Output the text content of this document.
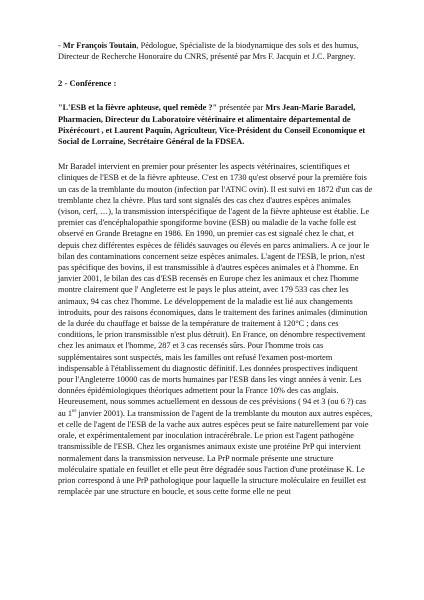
- Mr François Toutain, Pédologue, Spécialiste de la biodynamique des sols et des humus, Directeur de Recherche Honoraire du CNRS, présenté par Mrs F. Jacquin et J.C. Pargney.

2 - Conférence :

"L'ESB et la fièvre aphteuse, quel remède ?" présentée par Mrs Jean-Marie Baradel, Pharmacien, Directeur du Laboratoire vétérinaire et alimentaire départemental de Pixérécourt , et Laurent Paquin, Agriculteur, Vice-Président du Conseil Economique et Social de Lorraine, Secrétaire Général de la FDSEA.

Mr Baradel intervient en premier pour présenter les aspects vétérinaires, scientifiques et cliniques de l'ESB et de la fièvre aphteuse. C'est en 1730 qu'est observé pour la première fois un cas de la tremblante du mouton (infection par l'ATNC ovin). Il est suivi en 1872 d'un cas de tremblante chez la chèvre. Plus tard sont signalés des cas chez d'autres espèces animales (vison, cerf, …), la transmission interspécifique de l'agent de la fièvre aphteuse est établie. Le premier cas d'encéphalopathie spongiforme bovine (ESB) ou maladie de la vache folle est observé en Grande Bretagne en 1986. En 1990, un premier cas est signalé chez le chat, et depuis chez différentes espèces de félidés sauvages ou élevés en parcs animaliers. A ce jour le bilan des contaminations concernent seize espèces animales. L'agent de l'ESB, le prion, n'est pas spécifique des bovins, il est transmissible à d'autres espèces animales et à l'homme. En janvier 2001, le bilan des cas d'ESB recensés en Europe chez les animaux et chez l'homme montre clairement que l' Angleterre est le pays le plus atteint, avec 179 533 cas chez les animaux, 94 cas chez l'homme. Le développement de la maladie est lié aux changements introduits, pour des raisons économiques, dans le traitement des farines animales (diminution de la durée du chauffage et baisse de la température de traitement à 120°C ; dans ces conditions, le prion transmissible n'est plus détruit). En France, on dénombre respectivement chez les animaux et l'homme, 287 et 3 cas recensés sûrs. Pour l'homme trois cas supplémentaires sont suspectés, mais les familles ont refusé l'examen post-mortem indispensable à l'établissement du diagnostic définitif. Les données prospectives indiquent pour l'Angleterre 10000 cas de morts humaines par l'ESB dans les vingt années à venir. Les données épidémiologiques théoriques admettent pour la France 10% des cas anglais. Heureusement, nous sommes actuellement en dessous de ces prévisions ( 94 et 3 (ou 6 ?) cas au 1er janvier 2001). La transmission de l'agent de la tremblante du mouton aux autres espèces, et celle de l'agent de l'ESB de la vache aux autres espèces peut se faire naturellement par voie orale, et expérimentalement par inoculation intracérébrale. Le prion est l'agent pathogène transmissible de l'ESB. Chez les organismes animaux existe une protéine PrP qui intervient normalement dans la transmission nerveuse. La PrP normale présente une structure moléculaire spatiale en feuillet et elle peut être dégradée sous l'action d'une protéinase K. Le prion correspond à une PrP pathologique pour laquelle la structure moléculaire en feuillet est remplacée par une structure en boucle, et sous cette forme elle ne peut
